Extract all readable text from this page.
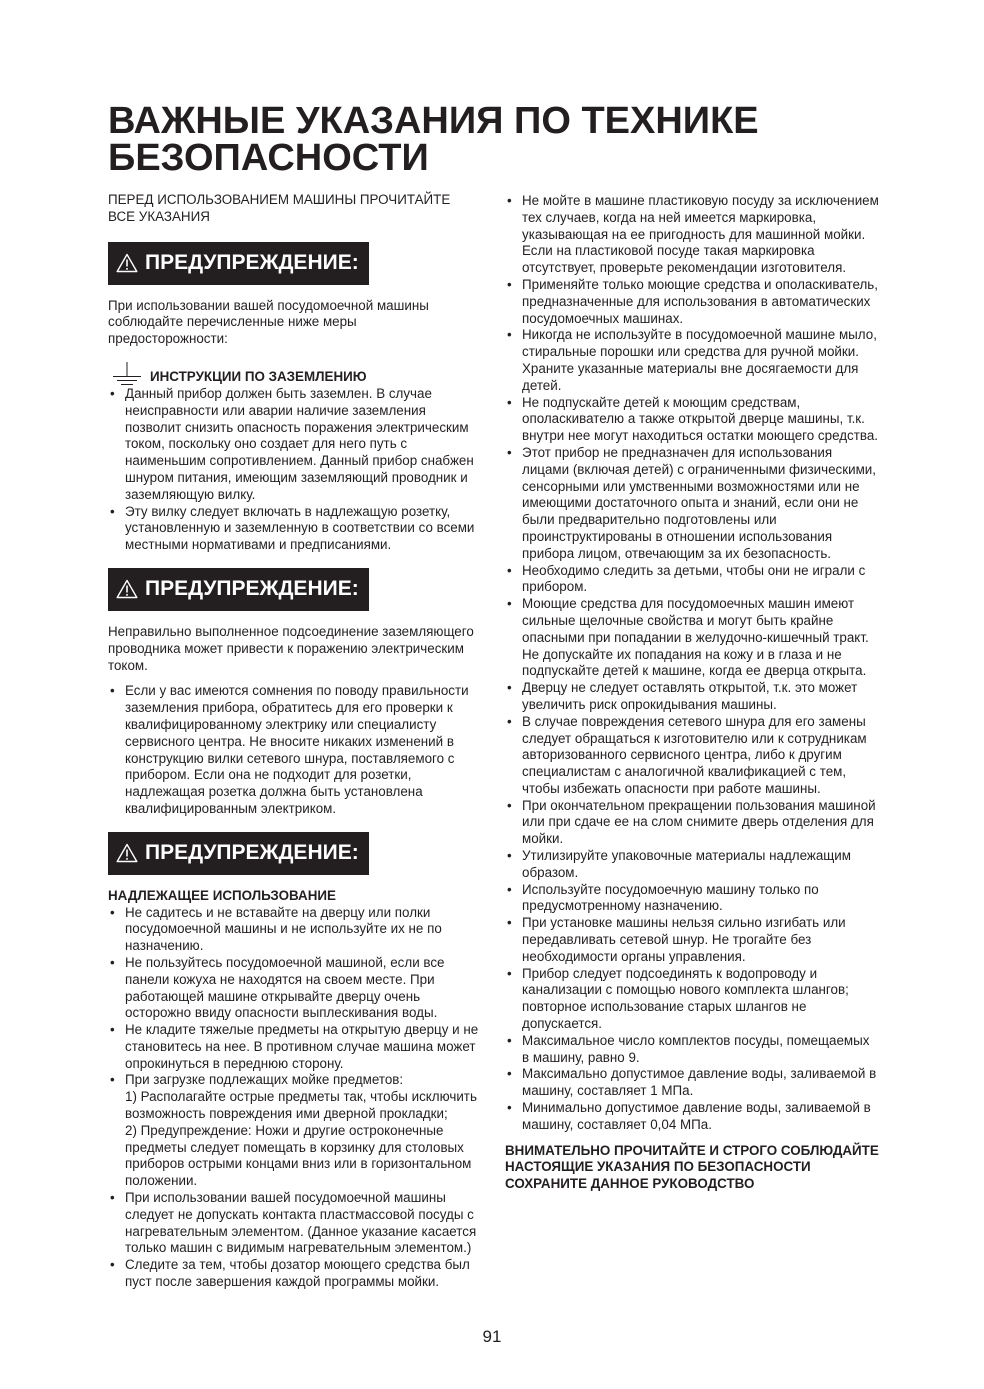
ВАЖНЫЕ УКАЗАНИЯ ПО ТЕХНИКЕ БЕЗОПАСНОСТИ

ПЕРЕД ИСПОЛЬЗОВАНИЕМ МАШИНЫ ПРОЧИТАЙТЕ ВСЕ УКАЗАНИЯ

ПРЕДУПРЕЖДЕНИЕ:

При использовании вашей посудомоечной машины соблюдайте перечисленные ниже меры предосторожности:

ИНСТРУКЦИИ ПО ЗАЗЕМЛЕНИЮ
• Данный прибор должен быть заземлен. В случае неисправности или аварии наличие заземления позволит снизить опасность поражения электрическим током, поскольку оно создает для него путь с наименьшим сопротивлением. Данный прибор снабжен шнуром питания, имеющим заземляющий проводник и заземляющую вилку.
• Эту вилку следует включать в надлежащую розетку, установленную и заземленную в соответствии со всеми местными нормативами и предписаниями.
ПРЕДУПРЕЖДЕНИЕ:

Неправильно выполненное подсоединение заземляющего проводника может привести к поражению электрическим током.

• Если у вас имеются сомнения по поводу правильности заземления прибора, обратитесь для его проверки к квалифицированному электрику или специалисту сервисного центра. Не вносите никаких изменений в конструкцию вилки сетевого шнура, поставляемого с прибором. Если она не подходит для розетки, надлежащая розетка должна быть установлена квалифицированным электриком.
ПРЕДУПРЕЖДЕНИЕ:

НАДЛЕЖАЩЕЕ ИСПОЛЬЗОВАНИЕ

• Не садитесь и не вставайте на дверцу или полки посудомоечной машины и не используйте их не по назначению.
• Не пользуйтесь посудомоечной машиной, если все панели кожуха не находятся на своем месте. При работающей машине открывайте дверцу очень осторожно ввиду опасности выплескивания воды.
• Не кладите тяжелые предметы на открытую дверцу и не становитесь на нее. В противном случае машина может опрокинуться в переднюю сторону.
• При загрузке подлежащих мойке предметов:
1) Располагайте острые предметы так, чтобы исключить возможность повреждения ими дверной прокладки;
2) Предупреждение: Ножи и другие остроконечные предметы следует помещать в корзинку для столовых приборов острыми концами вниз или в горизонтальном положении.
• При использовании вашей посудомоечной машины следует не допускать контакта пластмассовой посуды с нагревательным элементом. (Данное указание касается только машин с видимым нагревательным элементом.)
• Следите за тем, чтобы дозатор моющего средства был пуст после завершения каждой программы мойки.
• Не мойте в машине пластиковую посуду за исключением тех случаев, когда на ней имеется маркировка, указывающая на ее пригодность для машинной мойки. Если на пластиковой посуде такая маркировка отсутствует, проверьте рекомендации изготовителя.
• Применяйте только моющие средства и ополаскиватель, предназначенные для использования в автоматических посудомоечных машинах.
• Никогда не используйте в посудомоечной машине мыло, стиральные порошки или средства для ручной мойки. Храните указанные материалы вне досягаемости для детей.
• Не подпускайте детей к моющим средствам, ополаскивателю а также открытой дверце машины, т.к. внутри нее могут находиться остатки моющего средства.
• Этот прибор не предназначен для использования лицами (включая детей) с ограниченными физическими, сенсорными или умственными возможностями или не имеющими достаточного опыта и знаний, если они не были предварительно подготовлены или проинструктированы в отношении использования прибора лицом, отвечающим за их безопасность.
• Необходимо следить за детьми, чтобы они не играли с прибором.
• Моющие средства для посудомоечных машин имеют сильные щелочные свойства и могут быть крайне опасными при попадании в желудочно-кишечный тракт. Не допускайте их попадания на кожу и в глаза и не подпускайте детей к машине, когда ее дверца открыта.
• Дверцу не следует оставлять открытой, т.к. это может увеличить риск опрокидывания машины.
• В случае повреждения сетевого шнура для его замены следует обращаться к изготовителю или к сотрудникам авторизованного сервисного центра, либо к другим специалистам с аналогичной квалификацией с тем, чтобы избежать опасности при работе машины.
• При окончательном прекращении пользования машиной или при сдаче ее на слом снимите дверь отделения для мойки.
• Утилизируйте упаковочные материалы надлежащим образом.
• Используйте посудомоечную машину только по предусмотренному назначению.
• При установке машины нельзя сильно изгибать или передавливать сетевой шнур. Не трогайте без необходимости органы управления.
• Прибор следует подсоединять к водопроводу и канализации с помощью нового комплекта шлангов; повторное использование старых шлангов не допускается.
• Максимальное число комплектов посуды, помещаемых в машину, равно 9.
• Максимально допустимое давление воды, заливаемой в машину, составляет 1 МПа.
• Минимально допустимое давление воды, заливаемой в машину, составляет 0,04 МПа.

ВНИМАТЕЛЬНО ПРОЧИТАЙТЕ И СТРОГО СОБЛЮДАЙТЕ НАСТОЯЩИЕ УКАЗАНИЯ ПО БЕЗОПАСНОСТИ СОХРАНИТЕ ДАННОЕ РУКОВОДСТВО

91
